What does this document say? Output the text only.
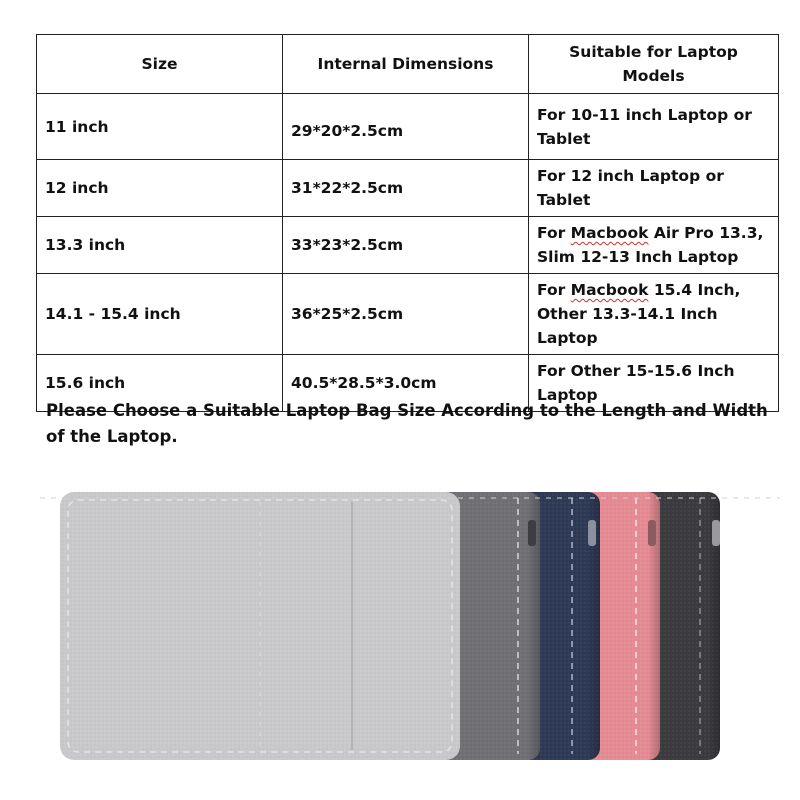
Size	Internal Dimensions	Suitable for Laptop Models
11 inch	29*20*2.5cm	For 10-11 inch Laptop or Tablet
12 inch	31*22*2.5cm	For 12 inch Laptop or Tablet
13.3 inch	33*23*2.5cm	For Macbook Air Pro 13.3, Slim 12-13 Inch Laptop
14.1 - 15.4 inch	36*25*2.5cm	For Macbook 15.4 Inch, Other 13.3-14.1 Inch Laptop
15.6 inch	40.5*28.5*3.0cm	For Other 15-15.6 Inch Laptop
Please Choose a Suitable Laptop Bag Size According to the Length and Width of the Laptop.
